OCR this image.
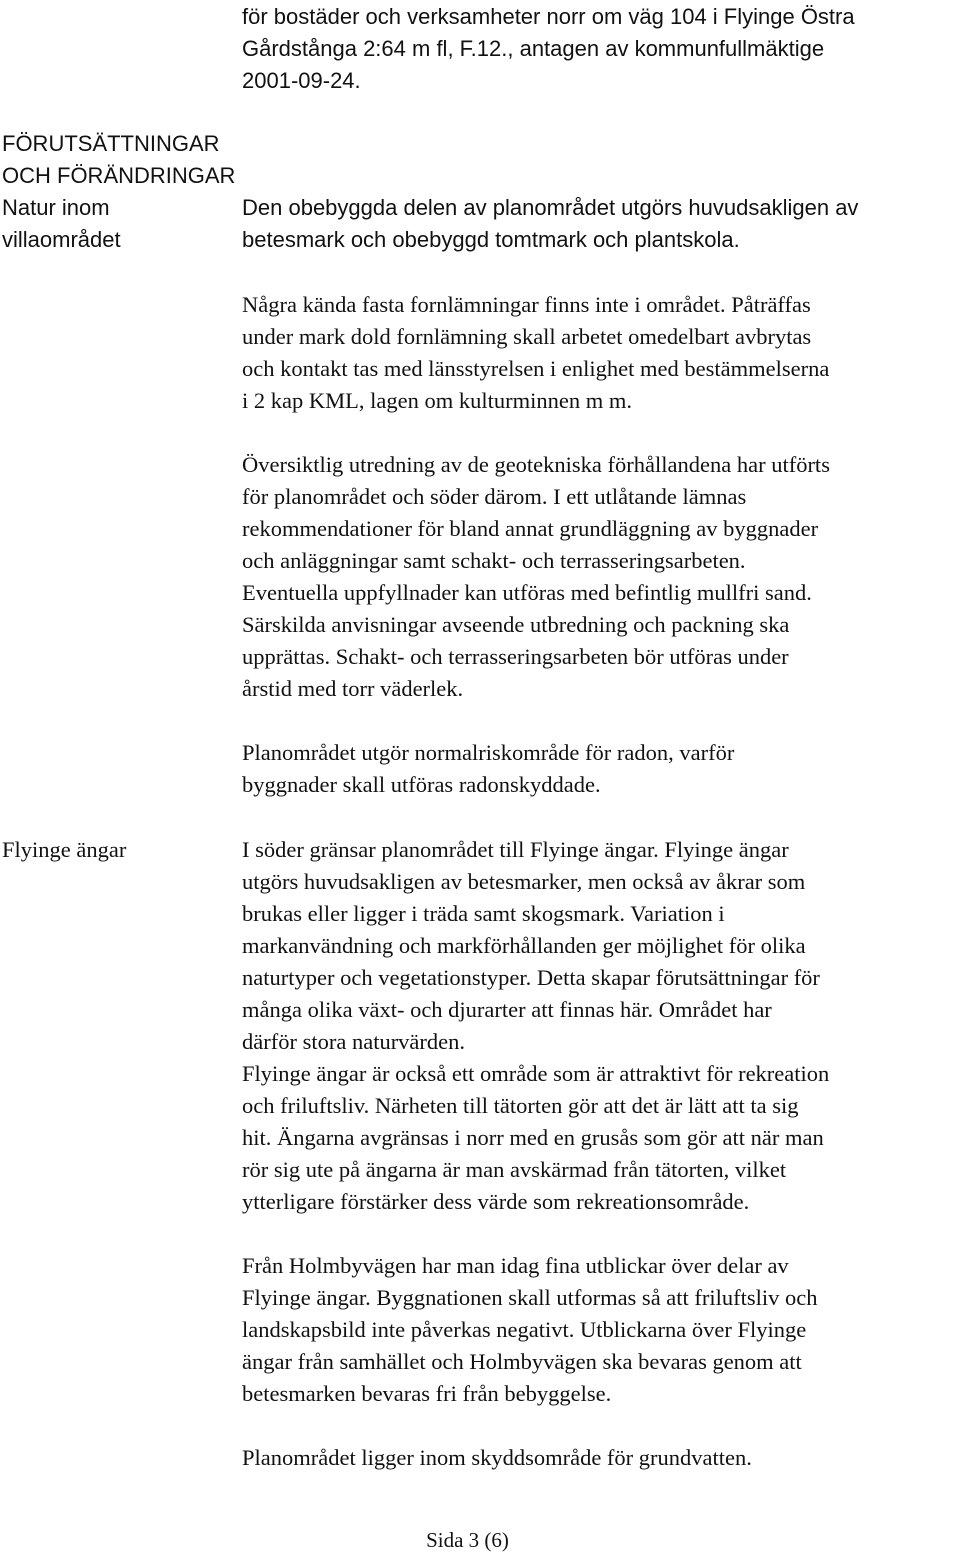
för bostäder och verksamheter norr om väg 104 i Flyinge Östra
Gårdstånga 2:64 m fl, F.12., antagen av kommunfullmäktige
2001-09-24.
FÖRUTSÄTTNINGAR
OCH FÖRÄNDRINGAR
Natur inom
villaområdet
Den obebyggda delen av planområdet utgörs huvudsakligen av
betesmark och obebyggd tomtmark och plantskola.
Några kända fasta fornlämningar finns inte i området. Påträffas
under mark dold fornlämning skall arbetet omedelbart avbrytas
och kontakt tas med länsstyrelsen i enlighet med bestämmelserna
i 2 kap KML, lagen om kulturminnen m m.
Översiktlig utredning av de geotekniska förhållandena har utförts
för planområdet och söder därom. I ett utlåtande lämnas
rekommendationer för bland annat grundläggning av byggnader
och anläggningar samt schakt- och terrasseringsarbeten.
Eventuella uppfyllnader kan utföras med befintlig mullfri sand.
Särskilda anvisningar avseende utbredning och packning ska
upprättas. Schakt- och terrasseringsarbeten bör utföras under
årstid med torr väderlek.
Planområdet utgör normalriskområde för radon, varför
byggnader skall utföras radonskyddade.
Flyinge ängar	I söder gränsar planområdet till Flyinge ängar. Flyinge ängar
utgörs huvudsakligen av betesmarker, men också av åkrar som
brukas eller ligger i träda samt skogsmark. Variation i
markanvändning och markförhållanden ger möjlighet för olika
naturtyper och vegetationstyper. Detta skapar förutsättningar för
många olika växt- och djurarter att finnas här. Området har
därför stora naturvärden.
Flyinge ängar är också ett område som är attraktivt för rekreation
och friluftsliv. Närheten till tätorten gör att det är lätt att ta sig
hit. Ängarna avgränsas i norr med en grusås som gör att när man
rör sig ute på ängarna är man avskärmad från tätorten, vilket
ytterligare förstärker dess värde som rekreationsområde.
Från Holmbyvägen har man idag fina utblickar över delar av
Flyinge ängar. Byggnationen skall utformas så att friluftsliv och
landskapsbild inte påverkas negativt. Utblickarna över Flyinge
ängar från samhället och Holmbyvägen ska bevaras genom att
betesmarken bevaras fri från bebyggelse.
Planområdet ligger inom skyddsområde för grundvatten.
Sida 3 (6)
